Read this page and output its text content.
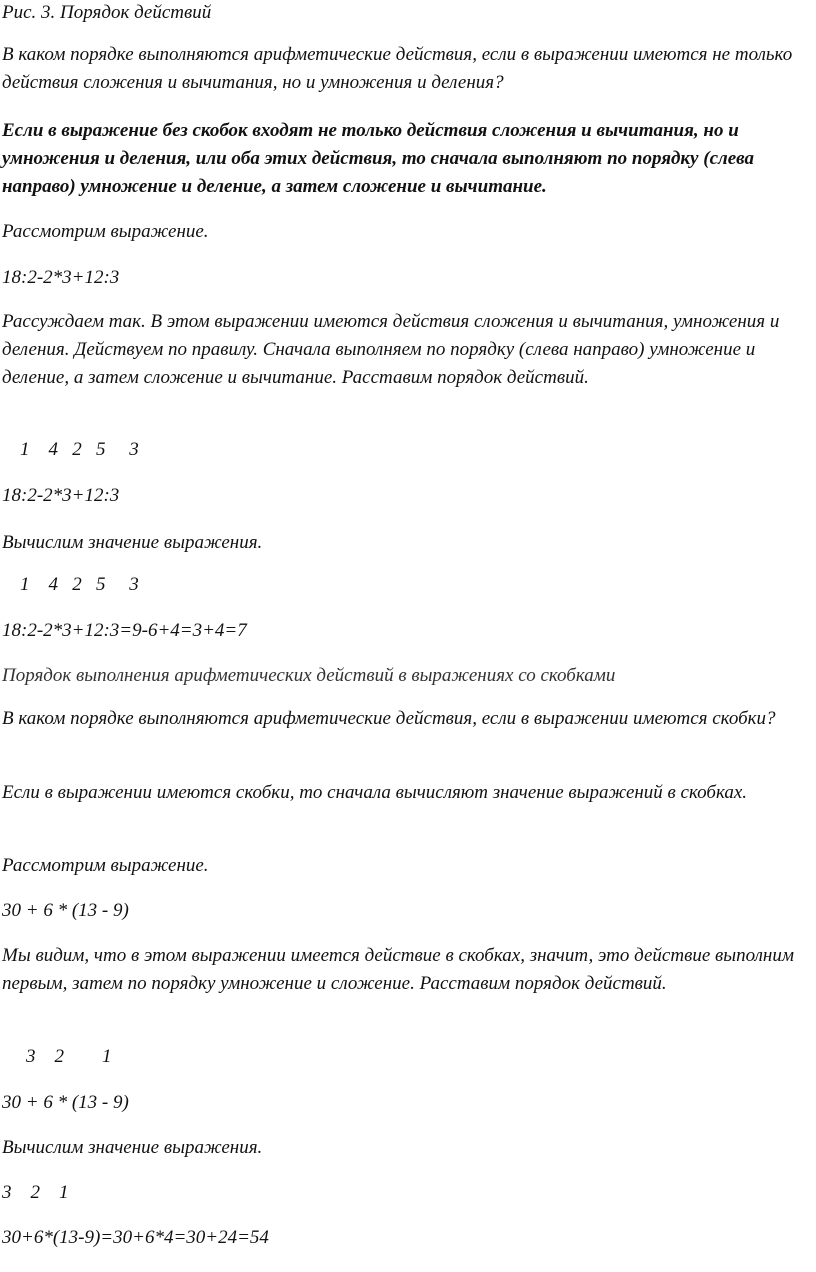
Рис. 3. Порядок действий
В каком порядке выполняются арифметические действия, если в выражении имеются не только действия сложения и вычитания, но и умножения и деления?
Если в выражение без скобок входят не только действия сложения и вычитания, но и умножения и деления, или оба этих действия, то сначала выполняют по порядку (слева направо) умножение и деление, а затем сложение и вычитание.
Рассмотрим выражение.
18:2-2*3+12:3
Рассуждаем так. В этом выражении имеются действия сложения и вычитания, умножения и деления. Действуем по правилу. Сначала выполняем по порядку (слева направо) умножение и деление, а затем сложение и вычитание. Расставим порядок действий.
1    4   2   5     3
18:2-2*3+12:3
Вычислим значение выражения.
1    4   2   5     3
18:2-2*3+12:3=9-6+4=3+4=7
Порядок выполнения арифметических действий в выражениях со скобками
В каком порядке выполняются арифметические действия, если в выражении имеются скобки?
Если в выражении имеются скобки, то сначала вычисляют значение выражений в скобках.
Рассмотрим выражение.
30 + 6 * (13 - 9)
Мы видим, что в этом выражении имеется действие в скобках, значит, это действие выполним первым, затем по порядку умножение и сложение. Расставим порядок действий.
3    2        1
30 + 6 * (13 - 9)
Вычислим значение выражения.
3    2    1
30+6*(13-9)=30+6*4=30+24=54
